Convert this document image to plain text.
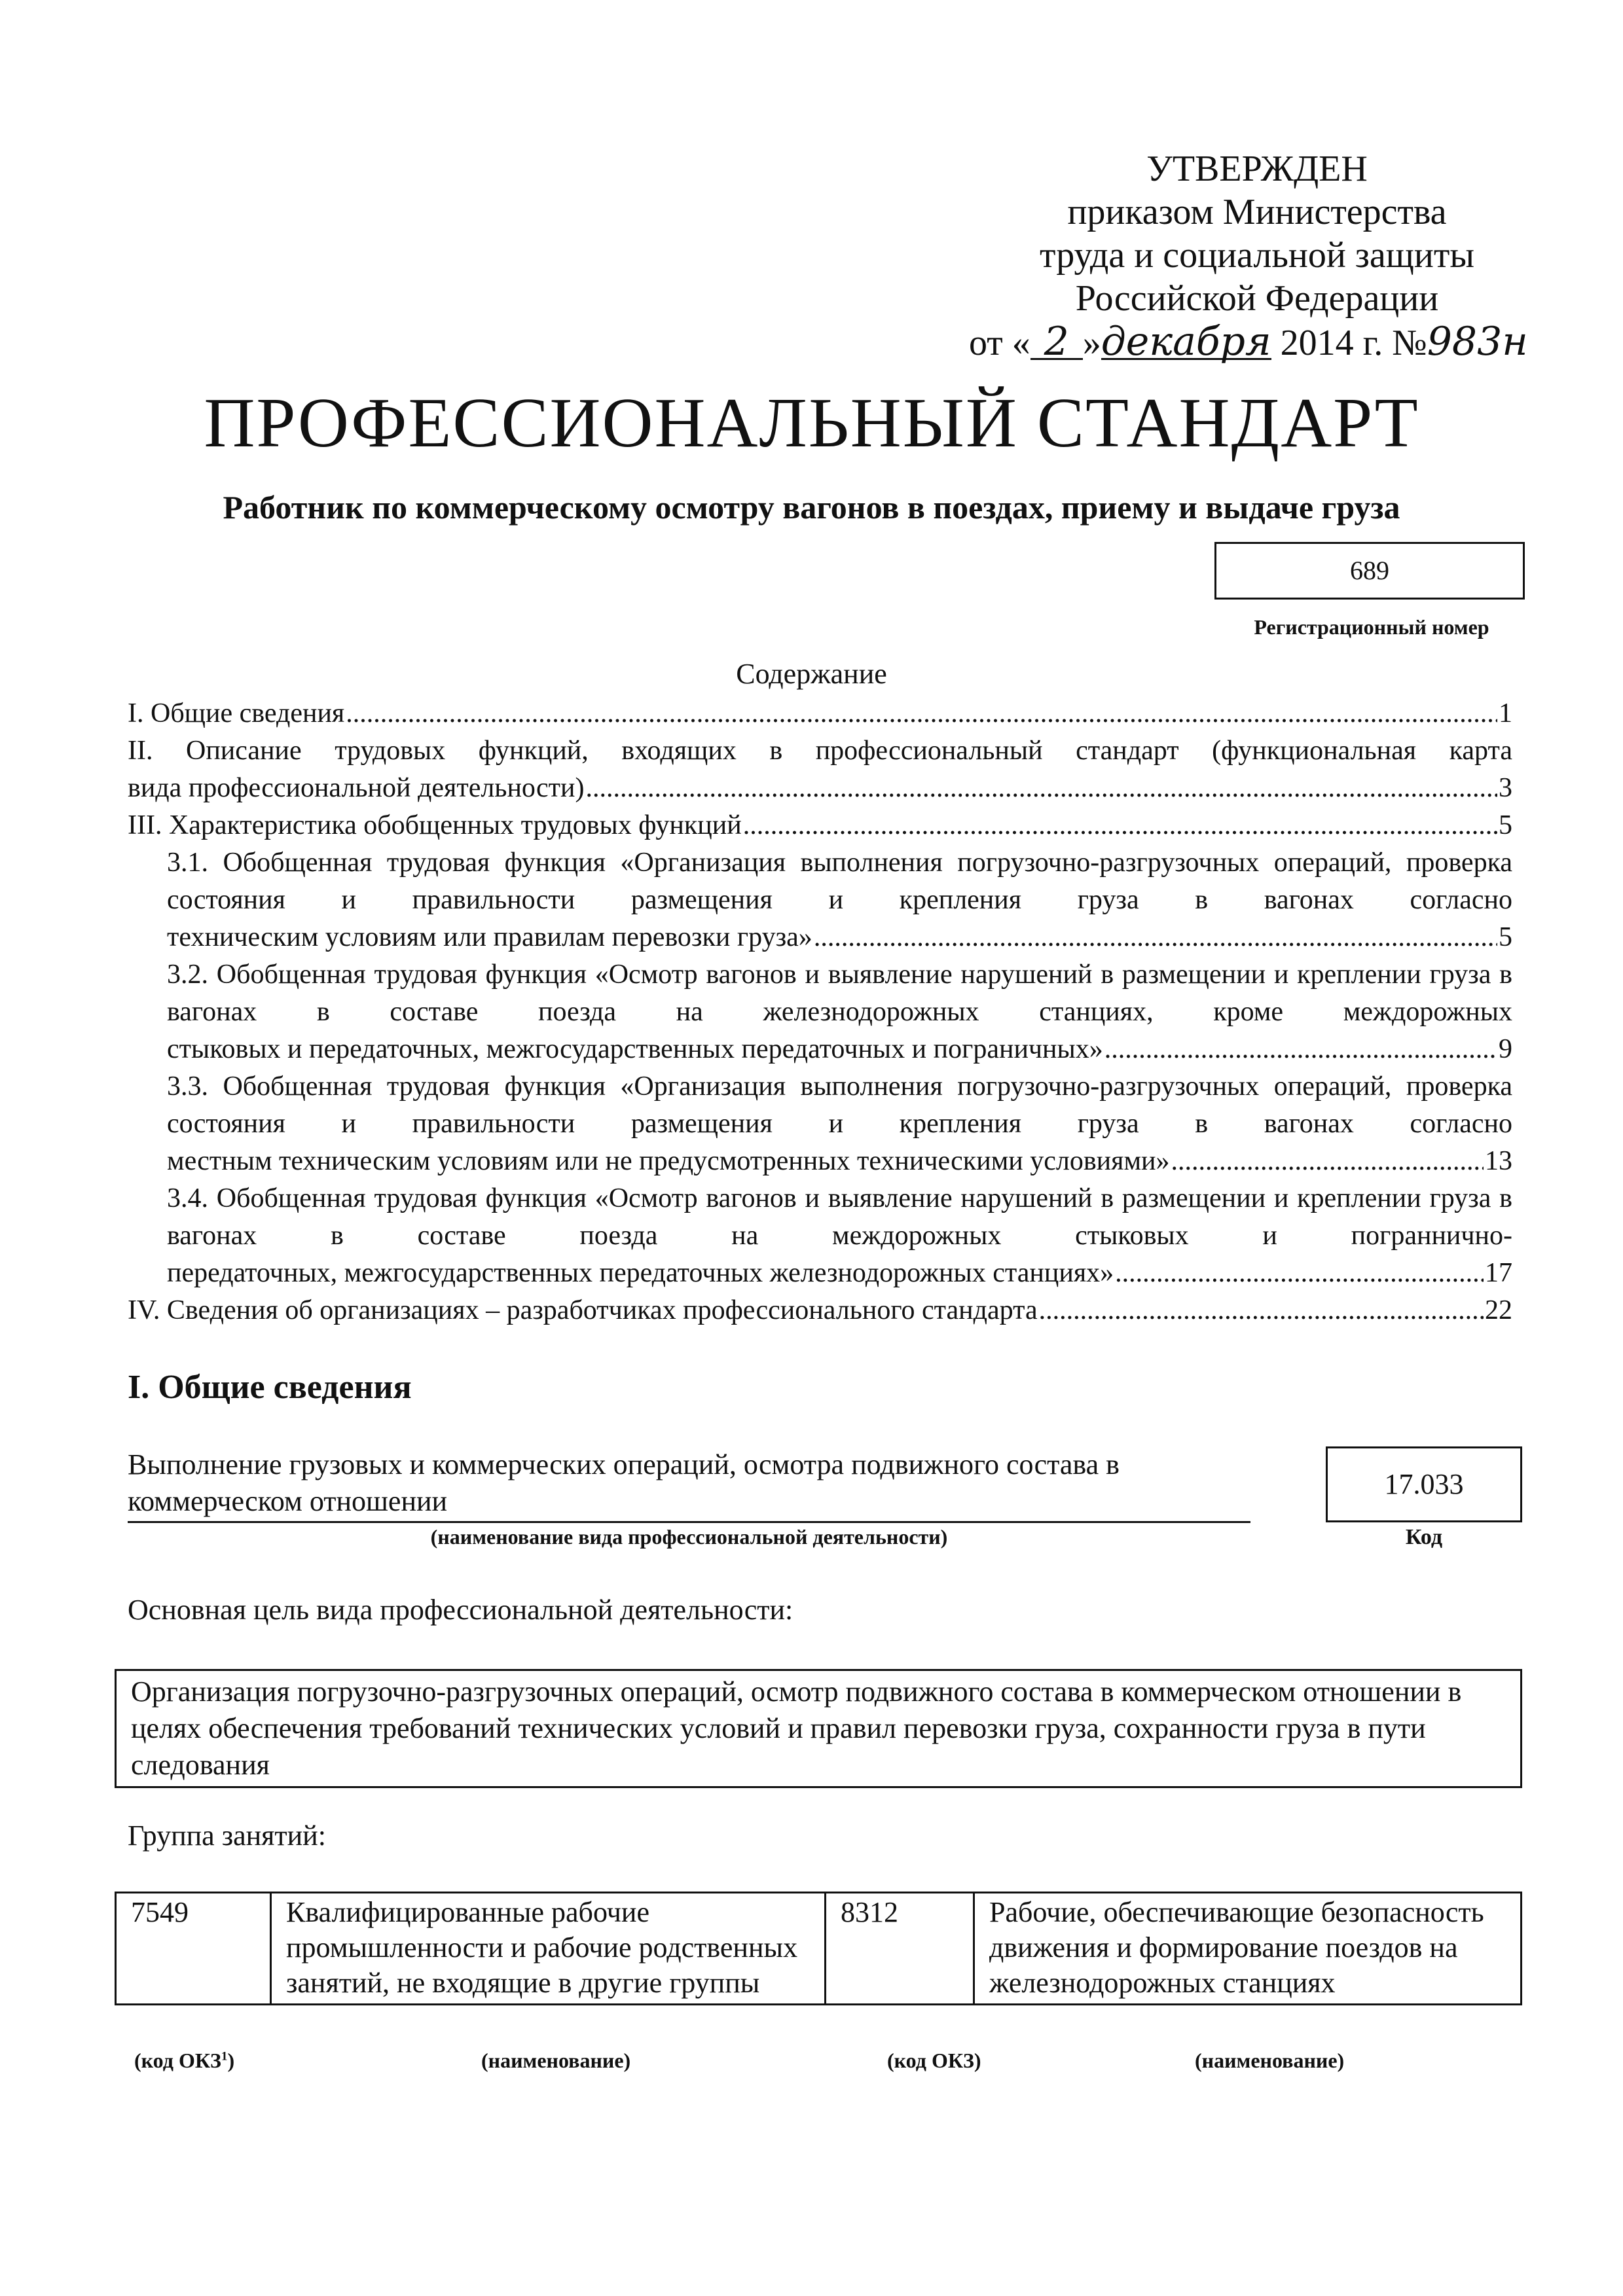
УТВЕРЖДЕН
приказом Министерства
труда и социальной защиты
Российской Федерации
от « 2 »декабря 2014 г. №983н
ПРОФЕССИОНАЛЬНЫЙ СТАНДАРТ
Работник по коммерческому осмотру вагонов в поездах, приему и выдаче груза
689
Регистрационный номер
Содержание
I. Общие сведения .....	1
II. Описание трудовых функций, входящих в профессиональный стандарт (функциональная карта
вида профессиональной деятельности) .....	3
III. Характеристика обобщенных трудовых функций .....	5
3.1. Обобщенная трудовая функция «Организация выполнения погрузочно-разгрузочных операций, проверка состояния и правильности размещения и крепления груза в вагонах согласно
техническим условиям или правилам перевозки груза» .....	5
3.2. Обобщенная трудовая функция «Осмотр вагонов и выявление нарушений в размещении и креплении груза в вагонах в составе поезда на железнодорожных станциях, кроме междорожных
стыковых и передаточных, межгосударственных передаточных и пограничных» .....	9
3.3. Обобщенная трудовая функция «Организация выполнения погрузочно-разгрузочных операций, проверка состояния и правильности размещения и крепления груза в вагонах согласно
местным техническим условиям или не предусмотренных техническими условиями» .....	13
3.4. Обобщенная трудовая функция «Осмотр вагонов и выявление нарушений в размещении и креплении груза в вагонах в составе поезда на междорожных стыковых и пограннично-
передаточных, межгосударственных передаточных железнодорожных станциях» .....	17
IV. Сведения об организациях – разработчиках профессионального стандарта .....	22
I. Общие сведения
Выполнение грузовых и коммерческих операций, осмотра подвижного состава в коммерческом отношении
17.033
(наименование вида профессиональной деятельности)	Код
Основная цель вида профессиональной деятельности:
Организация погрузочно-разгрузочных операций, осмотр подвижного состава в коммерческом отношении в целях обеспечения требований технических условий и правил перевозки груза, сохранности груза в пути следования
Группа занятий:
7549	Квалифицированные рабочие промышленности и рабочие родственных занятий, не входящие в другие группы	8312	Рабочие, обеспечивающие безопасность движения и формирование поездов на железнодорожных станциях
(код ОКЗ$^1$)	(наименование)	(код ОКЗ)	(наименование)
